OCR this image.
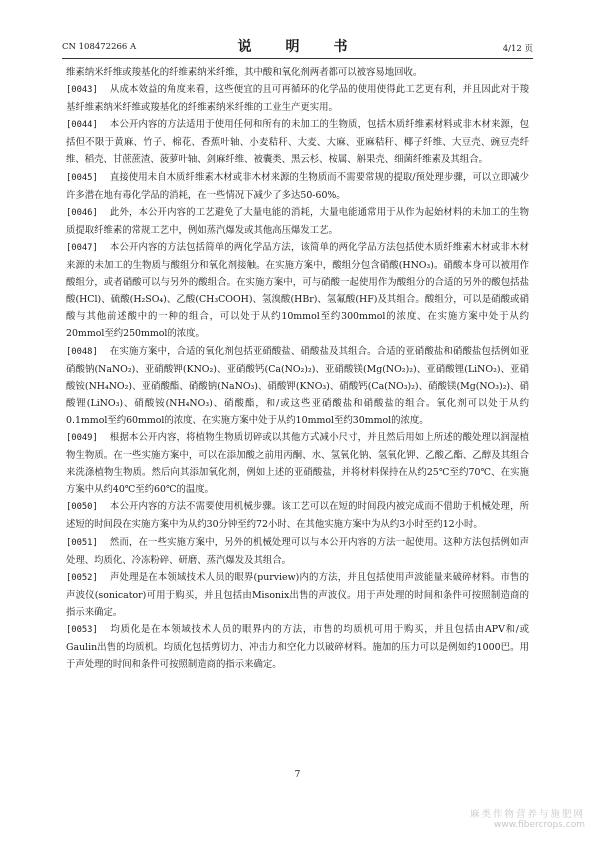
CN 108472266 A	说　明　书	4/12 页

维素纳米纤维或羧基化的纤维素纳米纤维，其中酸和氧化剂两者都可以被容易地回收。

[0043] 从成本效益的角度来看，这些便宜的且可再循环的化学品的使用使得此工艺更有利，并且因此对于羧基纤维素纳米纤维或羧基化的纤维素纳米纤维的工业生产更实用。

[0044] 本公开内容的方法适用于使用任何和所有的未加工的生物质，包括木质纤维素材料或非木材来源，包括但不限于黄麻、竹子、棉花、香蕉叶轴、小麦秸秆、大麦、大麻、亚麻秸秆、椰子纤维、大豆壳、豌豆壳纤维、稻壳、甘蔗蔗渣、菠萝叶轴、剑麻纤维、被囊类、黑云杉、桉属、斛果壳、细菌纤维素及其组合。

[0045] 直接使用未自木质纤维素木材或非木材来源的生物质而不需要常规的提取/预处理步骤，可以立即减少许多潜在地有毒化学品的消耗，在一些情况下减少了多达50-60%。

[0046] 此外，本公开内容的工艺避免了大量电能的消耗，大量电能通常用于从作为起始材料的未加工的生物质提取纤维素的常规工艺中，例如蒸汽爆发或其他高压爆发工艺。

[0047] 本公开内容的方法包括简单的两化学品方法，该简单的两化学品方法包括使木质纤维素木材或非木材来源的未加工的生物质与酸组分和氧化剂接触。在实施方案中，酸组分包含硝酸(HNO₃)。硝酸本身可以被用作酸组分，或者硝酸可以与另外的酸组合。在实施方案中，可与硝酸一起使用作为酸组分的合适的另外的酸包括盐酸(HCl)、硫酸(H₂SO₄)、乙酸(CH₃COOH)、氢溴酸(HBr)、氢氟酸(HF)及其组合。酸组分，可以是硝酸或硝酸与其他前述酸中的一种的组合，可以处于从约10mmol至约300mmol的浓度、在实施方案中处于从约20mmol至约250mmol的浓度。

[0048] 在实施方案中，合适的氧化剂包括亚硝酸盐、硝酸盐及其组合。合适的亚硝酸盐和硝酸盐包括例如亚硝酸钠(NaNO₂)、亚硝酸钾(KNO₂)、亚硝酸钙(Ca(NO₂)₂)、亚硝酸镁(Mg(NO₂)₂)、亚硝酸锂(LiNO₂)、亚硝酸铵(NH₄NO₂)、亚硝酸酯、硝酸钠(NaNO₃)、硝酸钾(KNO₃)、硝酸钙(Ca(NO₃)₂)、硝酸镁(Mg(NO₃)₂)、硝酸锂(LiNO₃)、硝酸铵(NH₄NO₃)、硝酸酯，和/或这些亚硝酸盐和硝酸盐的组合。氧化剂可以处于从约0.1mmol至约60mmol的浓度、在实施方案中处于从约10mmol至约30mmol的浓度。

[0049] 根据本公开内容，将植物生物质切碎或以其他方式减小尺寸，并且然后用如上所述的酸处理以润湿植物生物质。在一些实施方案中，可以在添加酸之前用丙酮、水、氢氧化钠、氢氧化钾、乙酸乙酯、乙醇及其组合来洗涤植物生物质。然后向其添加氧化剂，例如上述的亚硝酸盐，并将材料保持在从约25℃至约70℃、在实施方案中从约40℃至约60℃的温度。

[0050] 本公开内容的方法不需要使用机械步骤。该工艺可以在短的时间段内被完成而不借助于机械处理，所述短的时间段在实施方案中为从约30分钟至约72小时、在其他实施方案中为从约3小时至约12小时。

[0051] 然而，在一些实施方案中，另外的机械处理可以与本公开内容的方法一起使用。这种方法包括例如声处理、均质化、冷冻粉碎、研磨、蒸汽爆发及其组合。

[0052] 声处理是在本领域技术人员的眼界(purview)内的方法，并且包括使用声波能量来破碎材料。市售的声波仪(sonicator)可用于购买，并且包括由Misonix出售的声波仪。用于声处理的时间和条件可按照制造商的指示来确定。

[0053] 均质化是在本领域技术人员的眼界内的方法，市售的均质机可用于购买，并且包括由APV和/或Gaulin出售的均质机。均质化包括剪切力、冲击力和空化力以破碎材料。施加的压力可以是例如约1000巴。用于声处理的时间和条件可按照制造商的指示来确定。

7
麻类作物营养与施肥网
www.fibercrops.com
